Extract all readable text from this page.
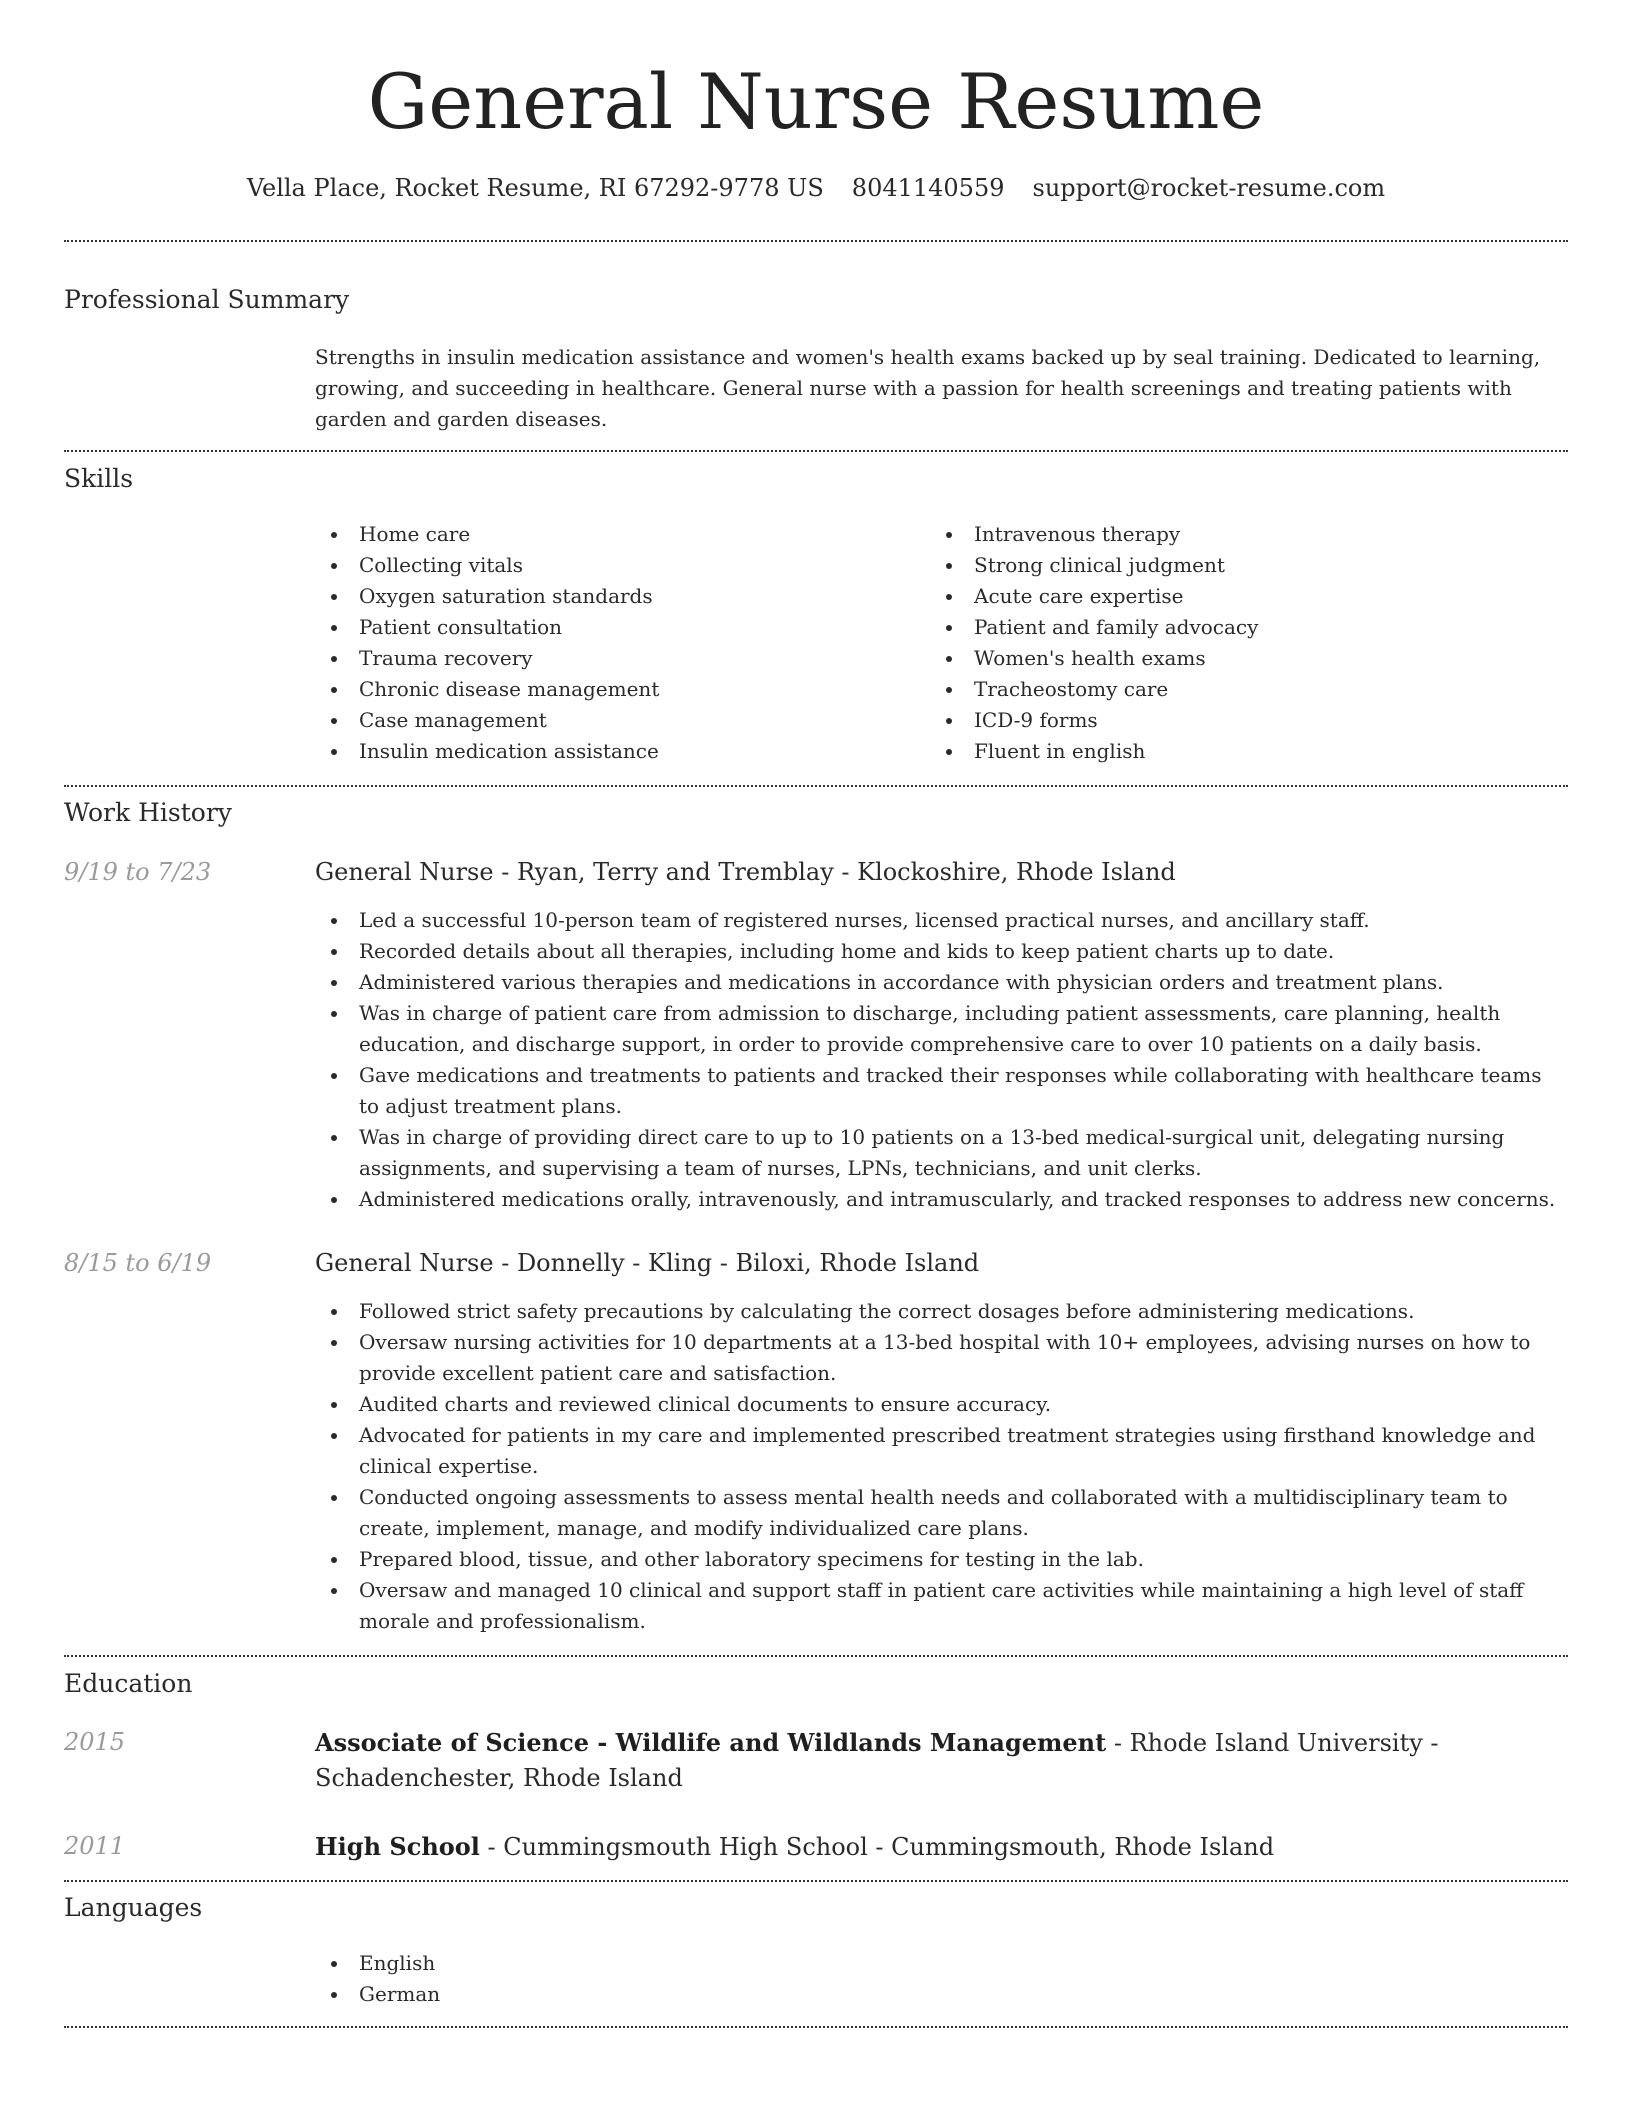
General Nurse Resume
Vella Place, Rocket Resume, RI 67292-9778 US 8041140559 support@rocket-resume.com
Professional Summary

Strengths in insulin medication assistance and women's health exams backed up by seal training. Dedicated to learning, growing, and succeeding in healthcare. General nurse with a passion for health screenings and treating patients with garden and garden diseases.

Skills
Home care
Collecting vitals
Oxygen saturation standards
Patient consultation
Trauma recovery
Chronic disease management
Case management
Insulin medication assistance
Intravenous therapy
Strong clinical judgment
Acute care expertise
Patient and family advocacy
Women's health exams
Tracheostomy care
ICD-9 forms
Fluent in english
Work History
9/19 to 7/23	General Nurse - Ryan, Terry and Tremblay - Klockoshire, Rhode Island
Led a successful 10-person team of registered nurses, licensed practical nurses, and ancillary staff.
Recorded details about all therapies, including home and kids to keep patient charts up to date.
Administered various therapies and medications in accordance with physician orders and treatment plans.
Was in charge of patient care from admission to discharge, including patient assessments, care planning, health education, and discharge support, in order to provide comprehensive care to over 10 patients on a daily basis.
Gave medications and treatments to patients and tracked their responses while collaborating with healthcare teams to adjust treatment plans.
Was in charge of providing direct care to up to 10 patients on a 13-bed medical-surgical unit, delegating nursing assignments, and supervising a team of nurses, LPNs, technicians, and unit clerks.
Administered medications orally, intravenously, and intramuscularly, and tracked responses to address new concerns.
8/15 to 6/19	General Nurse - Donnelly - Kling - Biloxi, Rhode Island
Followed strict safety precautions by calculating the correct dosages before administering medications.
Oversaw nursing activities for 10 departments at a 13-bed hospital with 10+ employees, advising nurses on how to provide excellent patient care and satisfaction.
Audited charts and reviewed clinical documents to ensure accuracy.
Advocated for patients in my care and implemented prescribed treatment strategies using firsthand knowledge and clinical expertise.
Conducted ongoing assessments to assess mental health needs and collaborated with a multidisciplinary team to create, implement, manage, and modify individualized care plans.
Prepared blood, tissue, and other laboratory specimens for testing in the lab.
Oversaw and managed 10 clinical and support staff in patient care activities while maintaining a high level of staff morale and professionalism.
Education
2015	Associate of Science - Wildlife and Wildlands Management - Rhode Island University - Schadenchester, Rhode Island
2011	High School - Cummingsmouth High School - Cummingsmouth, Rhode Island
Languages
English
German
